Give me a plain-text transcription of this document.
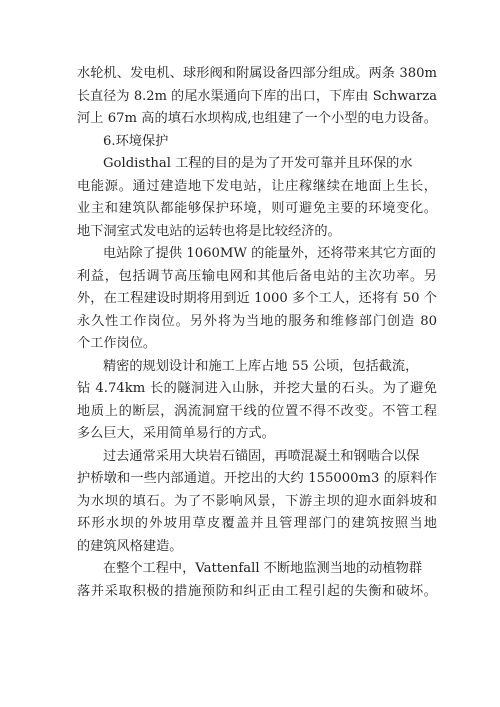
水轮机、发电机、球形阀和附属设备四部分组成。两条 380m
长直径为 8.2m 的尾水渠通向下库的出口，下库由 Schwarza
河上 67m 高的填石水坝构成,也组建了一个小型的电力设备。
6.环境保护
Goldisthal 工程的目的是为了开发可靠并且环保的水
电能源。通过建造地下发电站，让庄稼继续在地面上生长，
业主和建筑队都能够保护环境，则可避免主要的环境变化。
地下洞室式发电站的运转也将是比较经济的。
电站除了提供 1060MW 的能量外，还将带来其它方面的
利益，包括调节高压输电网和其他后备电站的主次功率。另
外，在工程建设时期将用到近 1000 多个工人，还将有 50 个
永久性工作岗位。另外将为当地的服务和维修部门创造 80
个工作岗位。
精密的规划设计和施工上库占地 55 公顷，包括截流，
钻 4.74km 长的隧洞进入山脉，并挖大量的石头。为了避免
地质上的断层，涡流洞窟干线的位置不得不改变。不管工程
多么巨大，采用简单易行的方式。
过去通常采用大块岩石锚固，再喷混凝土和钢啮合以保
护桥墩和一些内部通道。开挖出的大约 155000m3 的原料作
为水坝的填石。为了不影响风景，下游主坝的迎水面斜坡和
环形水坝的外坡用草皮覆盖并且管理部门的建筑按照当地
的建筑风格建造。
在整个工程中，Vattenfall 不断地监测当地的动植物群
落并采取积极的措施预防和纠正由工程引起的失衡和破坏。
